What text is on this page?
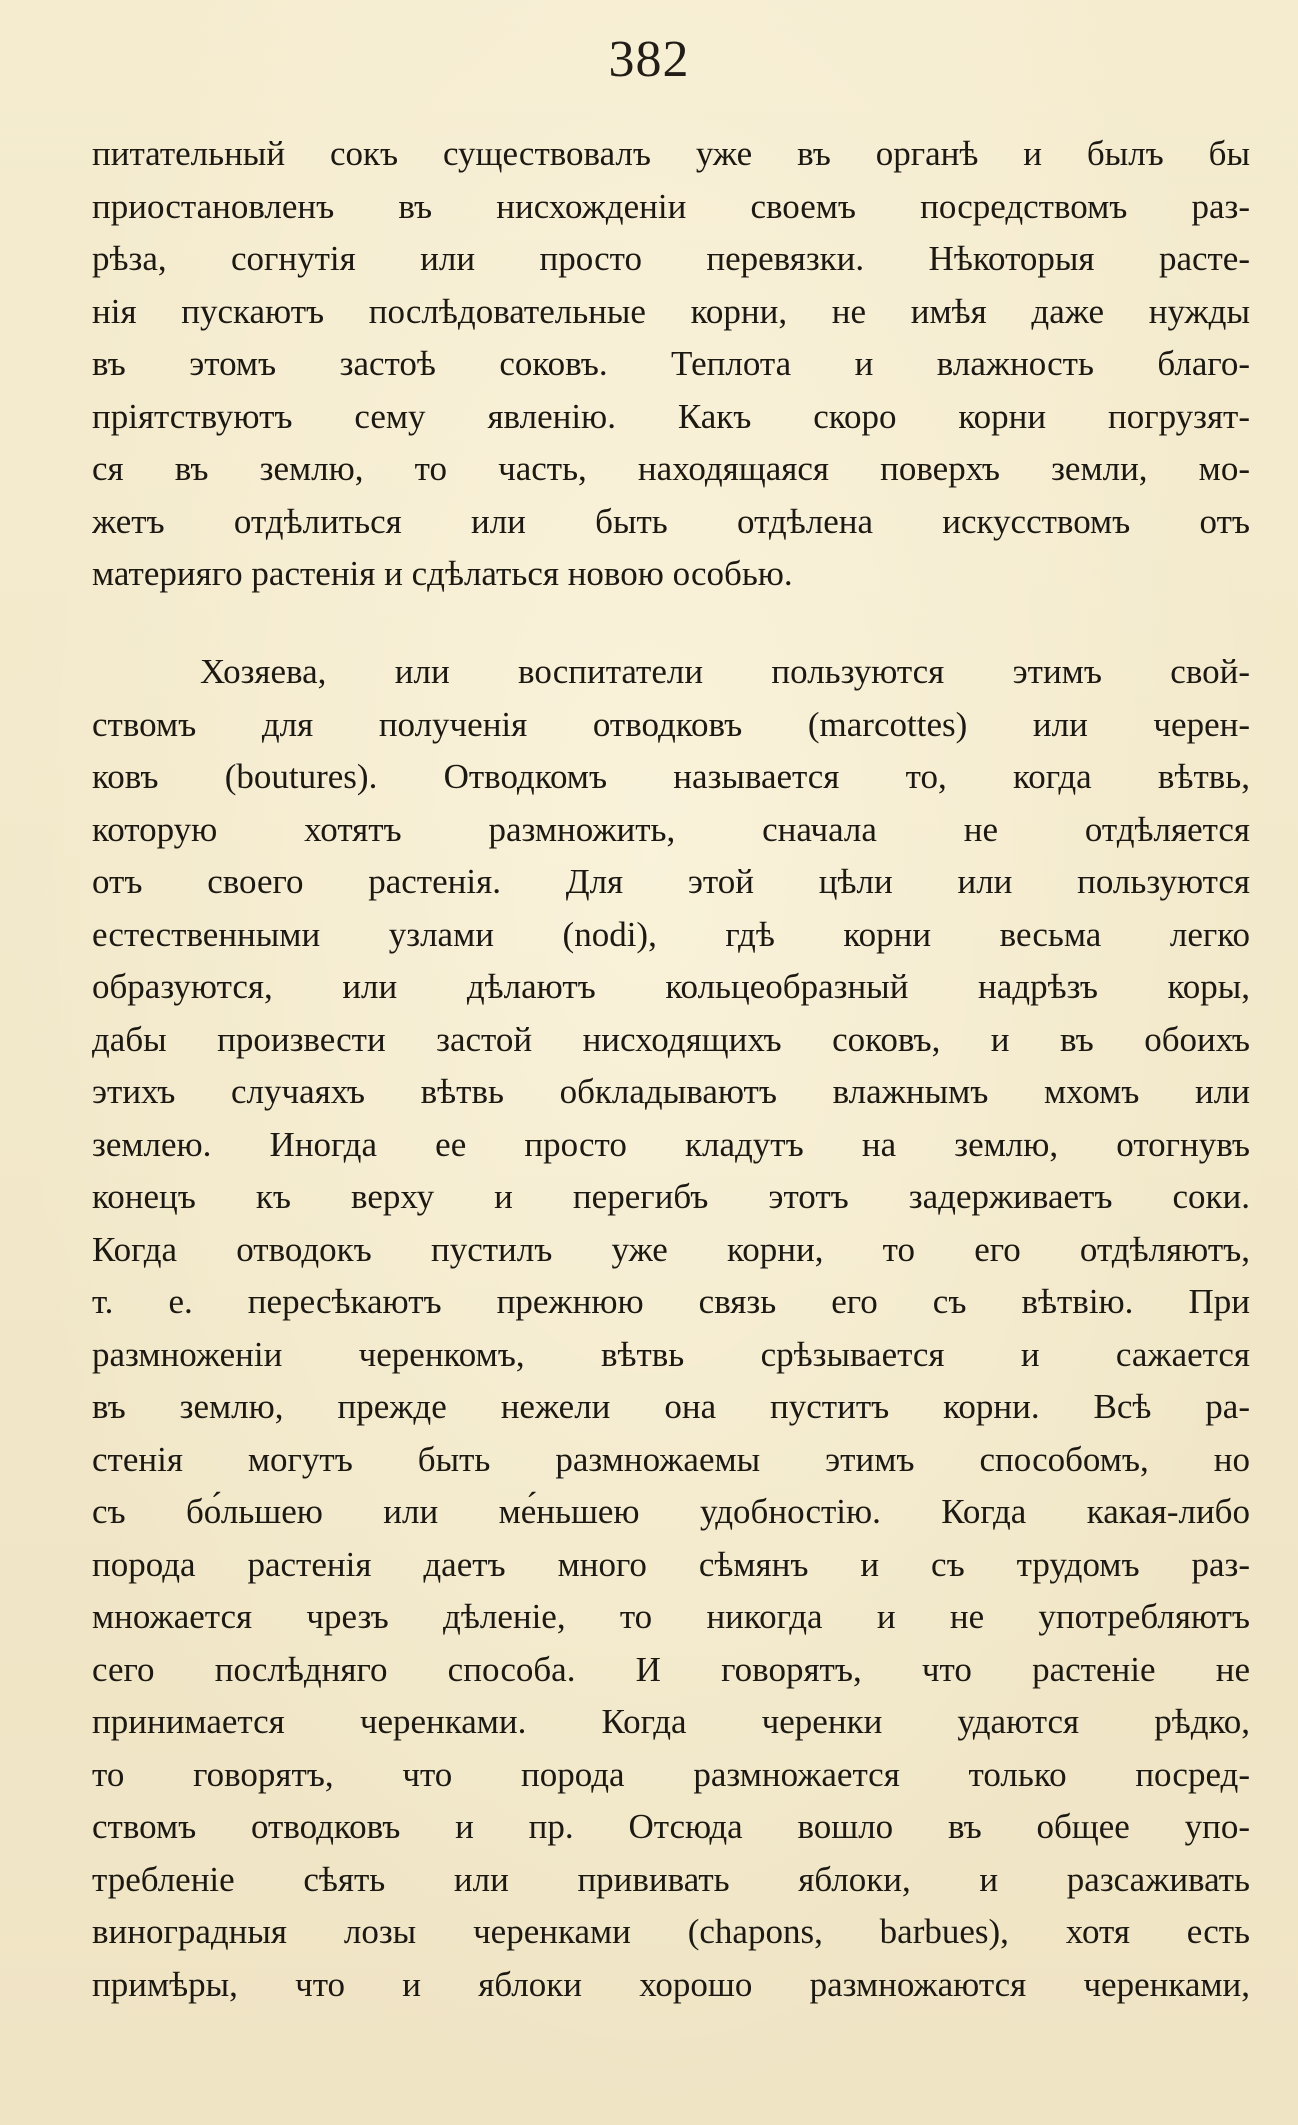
382
питательный сокъ существовалъ уже въ органѣ и былъ бы
приостановленъ въ нисхожденiи своемъ посредствомъ раз-
рѣза, согнутiя или просто перевязки. Нѣкоторыя расте-
нiя пускаютъ послѣдовательные корни, не имѣя даже нужды
въ этомъ застоѣ соковъ. Теплота и влажность благо-
прiятствуютъ сему явленiю. Какъ скоро корни погрузят-
ся въ землю, то часть, находящаяся поверхъ земли, мо-
жетъ отдѣлиться или быть отдѣлена искусствомъ отъ
материяго растенiя и сдѣлаться новою особью.
Хозяева, или воспитатели пользуются этимъ свой-
ствомъ для полученiя отводковъ (marcottes) или черен-
ковъ (boutures). Отводкомъ называется то, когда вѣтвь,
которую хотятъ размножить, сначала не отдѣляется
отъ своего растенiя. Для этой цѣли или пользуются
естественными узлами (nodi), гдѣ корни весьма легко
образуются, или дѣлаютъ кольцеобразный надрѣзъ коры,
дабы произвести застой нисходящихъ соковъ, и въ обоихъ
этихъ случаяхъ вѣтвь обкладываютъ влажнымъ мхомъ или
землею. Иногда ее просто кладутъ на землю, отогнувъ
конецъ къ верху и перегибъ этотъ задерживаетъ соки.
Когда отводокъ пустилъ уже корни, то его отдѣляютъ,
т. е. пересѣкаютъ прежнюю связь его съ вѣтвiю. При
размноженiи черенкомъ, вѣтвь срѣзывается и сажается
въ землю, прежде нежели она пуститъ корни. Всѣ ра-
стенiя могутъ быть размножаемы этимъ способомъ, но
съ бо́льшею или ме́ньшею удобностiю. Когда какая-либо
порода растенiя даетъ много сѣмянъ и съ трудомъ раз-
множается чрезъ дѣленiе, то никогда и не употребляютъ
сего послѣдняго способа. И говорятъ, что растенiе не
принимается черенками. Когда черенки удаются рѣдко,
то говорятъ, что порода размножается только посред-
ствомъ отводковъ и пр. Отсюда вошло въ общее упо-
требленiе сѣять или прививать яблоки, и разсаживать
виноградныя лозы черенками (chapons, barbues), хотя есть
примѣры, что и яблоки хорошо размножаются черенками,
